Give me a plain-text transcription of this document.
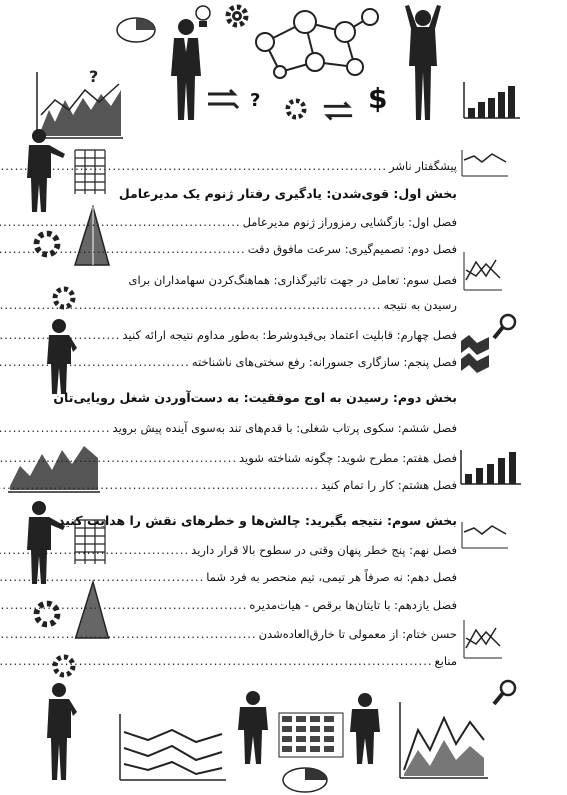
?	$
?
پیشگفتار ناشر
.....
بخش اول: قوی‌شدن: یادگیری رفتار ژنوم یک مدیرعامل
فصل اول: بازگشایی رمزوراز ژنوم مدیرعامل
.....
فصل دوم: تصمیم‌گیری: سرعت مافوق دقت
.....
فصل سوم: تعامل در جهت تاثیرگذاری: هماهنگ‌کردن سهامداران برای
رسیدن به نتیجه
.....
فصل چهارم: قابلیت اعتماد بی‌قیدوشرط: به‌طور مداوم نتیجه ارائه کنید
.....
فصل پنجم: سازگاری جسورانه: رفع سختی‌های ناشناخته
.....
بخش دوم: رسیدن به اوج موفقیت: به دست‌آوردن شغل رویایی‌تان
فصل ششم: سکوی پرتاب شغلی: با قدم‌های تند به‌سوی آینده پیش بروید
.....
فصل هفتم: مطرح شوید: چگونه شناخته شوید
.....
فصل هشتم: کار را تمام کنید
.....
بخش سوم: نتیجه بگیرید: چالش‌ها و خطرهای نقش را هدایت کنید
فصل نهم: پنج خطر پنهان وقتی در سطوح بالا قرار دارید
.....
فصل دهم: نه صرفاً هر تیمی، تیم منحصر به فرد شما
.....
فصل یازدهم: با تایتان‌ها برقص - هیات‌مدیره
.....
حسن ختام: از معمولی تا خارق‌العاده‌شدن
.....
منابع
.....
